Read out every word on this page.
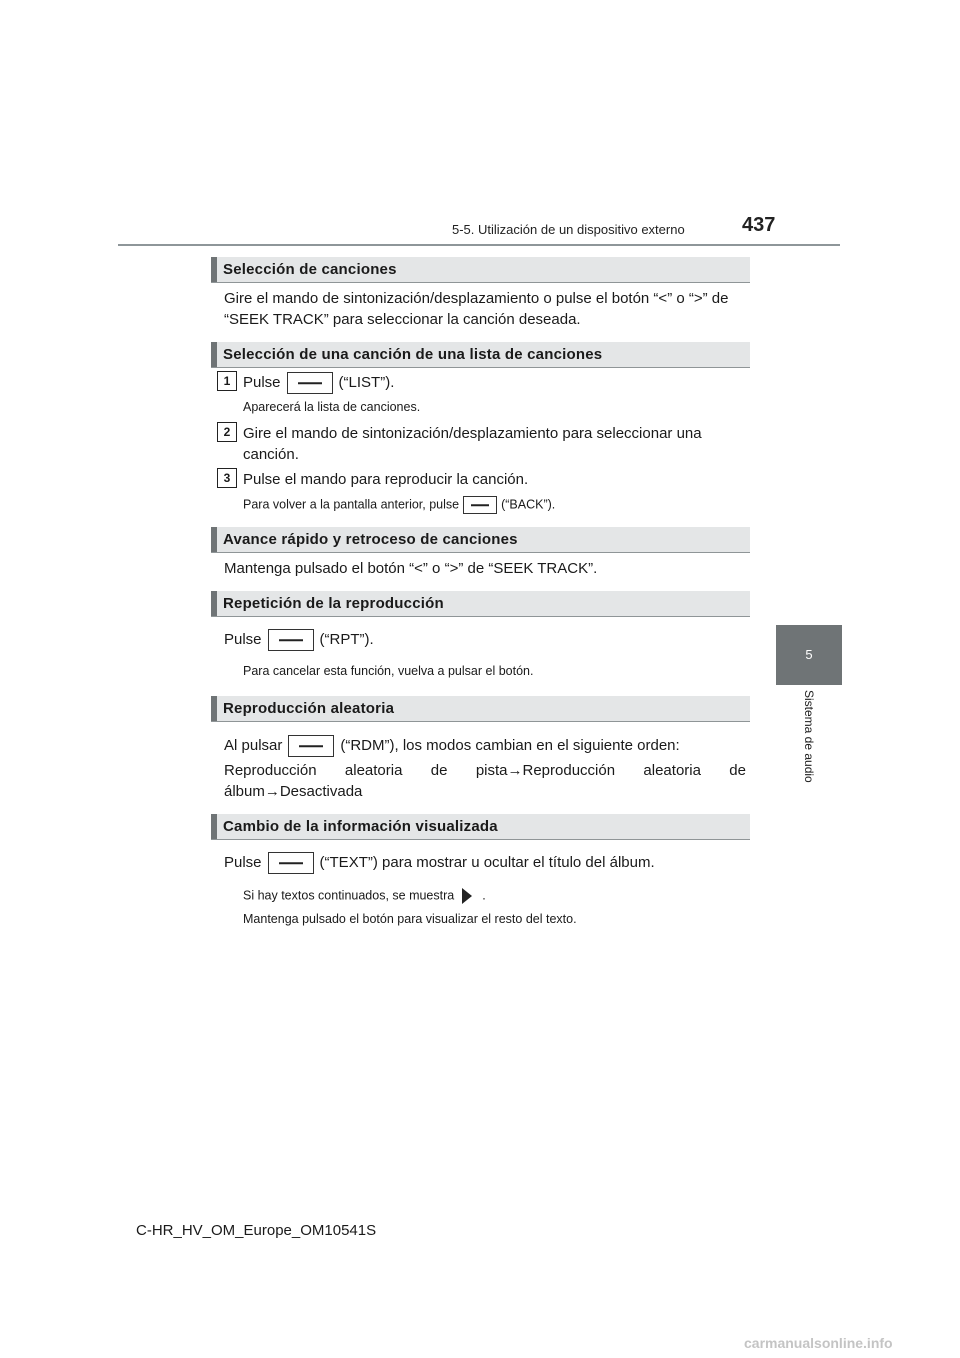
5-5. Utilización de un dispositivo externo	437
5
Sistema de audio
Selección de canciones
Gire el mando de sintonización/desplazamiento o pulse el botón “<” o “>” de
“SEEK TRACK” para seleccionar la canción deseada.
Selección de una canción de una lista de canciones
1 Pulse	(“LIST”).
Aparecerá la lista de canciones.
2 Gire el mando de sintonización/desplazamiento para seleccionar una
canción.
3 Pulse el mando para reproducir la canción.
Para volver a la pantalla anterior, pulse	(“BACK”).
Avance rápido y retroceso de canciones
Mantenga pulsado el botón “<” o “>” de “SEEK TRACK”.
Repetición de la reproducción
Pulse	(“RPT”).
Para cancelar esta función, vuelva a pulsar el botón.
Reproducción aleatoria
Al pulsar	(“RDM”), los modos cambian en el siguiente orden:
Reproducción aleatoria de pista→Reproducción aleatoria de
álbum→Desactivada
Cambio de la información visualizada
Pulse	(“TEXT”) para mostrar u ocultar el título del álbum.
Si hay textos continuados, se muestra .
Mantenga pulsado el botón para visualizar el resto del texto.
C-HR_HV_OM_Europe_OM10541S
carmanualsonline.info
